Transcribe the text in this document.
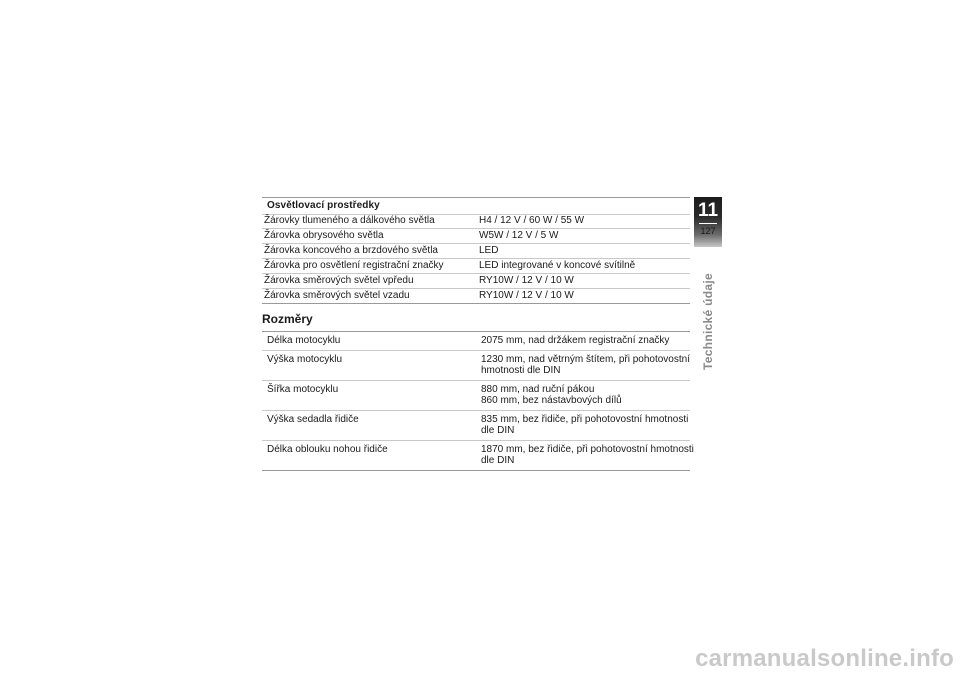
Osvětlovací prostředky
Žárovky tlumeného a dálkového světla	H4 / 12 V / 60 W / 55 W
Žárovka obrysového světla	W5W / 12 V / 5 W
Žárovka koncového a brzdového světla	LED
Žárovka pro osvětlení registrační značky	LED integrované v koncové svítilně
Žárovka směrových světel vpředu	RY10W / 12 V / 10 W
Žárovka směrových světel vzadu	RY10W / 12 V / 10 W
Rozměry
Délka motocyklu	2075 mm, nad držákem registrační značky
Výška motocyklu	1230 mm, nad větrným štítem, při pohotovostní
hmotnosti dle DIN
Šířka motocyklu	880 mm, nad ruční pákou
860 mm, bez nástavbových dílů
Výška sedadla řidiče	835 mm, bez řidiče, při pohotovostní hmotnosti
dle DIN
Délka oblouku nohou řidiče	1870 mm, bez řidiče, při pohotovostní hmotnosti
dle DIN
11
127
Technické údaje
carmanualsonline.info
